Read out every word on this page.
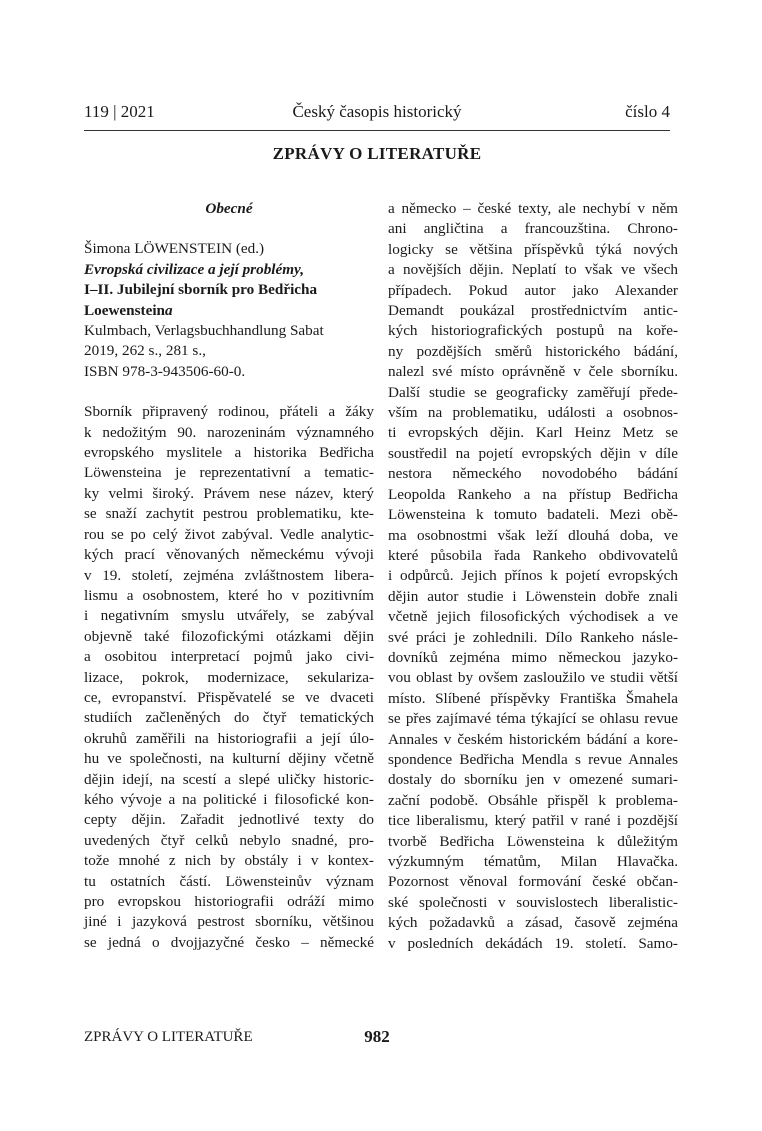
119 | 2021	Český časopis historický	číslo 4
ZPRÁVY O LITERATUŘE
Obecné
Šimona LÖWENSTEIN (ed.)
Evropská civilizace a její problémy,
I–II. Jubilejní sborník pro Bedřicha
Loewensteina
Kulmbach, Verlagsbuchhandlung Sabat
2019, 262 s., 281 s.,
ISBN 978-3-943506-60-0.
Sborník připravený rodinou, přáteli a žáky
k nedožitým 90. narozeninám významného
evropského myslitele a historika Bedřicha
Löwensteina je reprezentativní a tematic-
ky velmi široký. Právem nese název, který
se snaží zachytit pestrou problematiku, kte-
rou se po celý život zabýval. Vedle analytic-
kých prací věnovaných německému vývoji
v 19. století, zejména zvláštnostem libera-
lismu a osobnostem, které ho v pozitivním
i negativním smyslu utvářely, se zabýval
objevně také filozofickými otázkami dějin
a osobitou interpretací pojmů jako civi-
lizace, pokrok, modernizace, sekulariza-
ce, evropanství. Přispěvatelé se ve dvaceti
studiích začleněných do čtyř tematických
okruhů zaměřili na historiografii a její úlo-
hu ve společnosti, na kulturní dějiny včetně
dějin idejí, na scestí a slepé uličky historic-
kého vývoje a na politické i filosofické kon-
cepty dějin. Zařadit jednotlivé texty do
uvedených čtyř celků nebylo snadné, pro-
tože mnohé z nich by obstály i v kontex-
tu ostatních částí. Löwensteinův význam
pro evropskou historiografii odráží mimo
jiné i jazyková pestrost sborníku, většinou
se jedná o dvojjazyčné česko – německé
a německo – české texty, ale nechybí v něm
ani angličtina a francouzština. Chrono-
logicky se většina příspěvků týká nových
a novějších dějin. Neplatí to však ve všech
případech. Pokud autor jako Alexander
Demandt poukázal prostřednictvím antic-
kých historiografických postupů na koře-
ny pozdějších směrů historického bádání,
nalezl své místo oprávněně v čele sborníku.
Další studie se geograficky zaměřují přede-
vším na problematiku, události a osobnos-
ti evropských dějin. Karl Heinz Metz se
soustředil na pojetí evropských dějin v díle
nestora německého novodobého bádání
Leopolda Rankeho a na přístup Bedřicha
Löwensteina k tomuto badateli. Mezi obě-
ma osobnostmi však leží dlouhá doba, ve
které působila řada Rankeho obdivovatelů
i odpůrců. Jejich přínos k pojetí evropských
dějin autor studie i Löwenstein dobře znali
včetně jejich filosofických východisek a ve
své práci je zohlednili. Dílo Rankeho násle-
dovníků zejména mimo německou jazyko-
vou oblast by ovšem zasloužilo ve studii větší
místo. Slíbené příspěvky Františka Šmahela
se přes zajímavé téma týkající se ohlasu revue
Annales v českém historickém bádání a kore-
spondence Bedřicha Mendla s revue Annales
dostaly do sborníku jen v omezené sumari-
zační podobě. Obsáhle přispěl k problema-
tice liberalismu, který patřil v rané i pozdější
tvorbě Bedřicha Löwensteina k důležitým
výzkumným tématům, Milan Hlavačka.
Pozornost věnoval formování české občan-
ské společnosti v souvislostech liberalistic-
kých požadavků a zásad, časově zejména
v posledních dekádách 19. století. Samo-
ZPRÁVY O LITERATUŘE	982
